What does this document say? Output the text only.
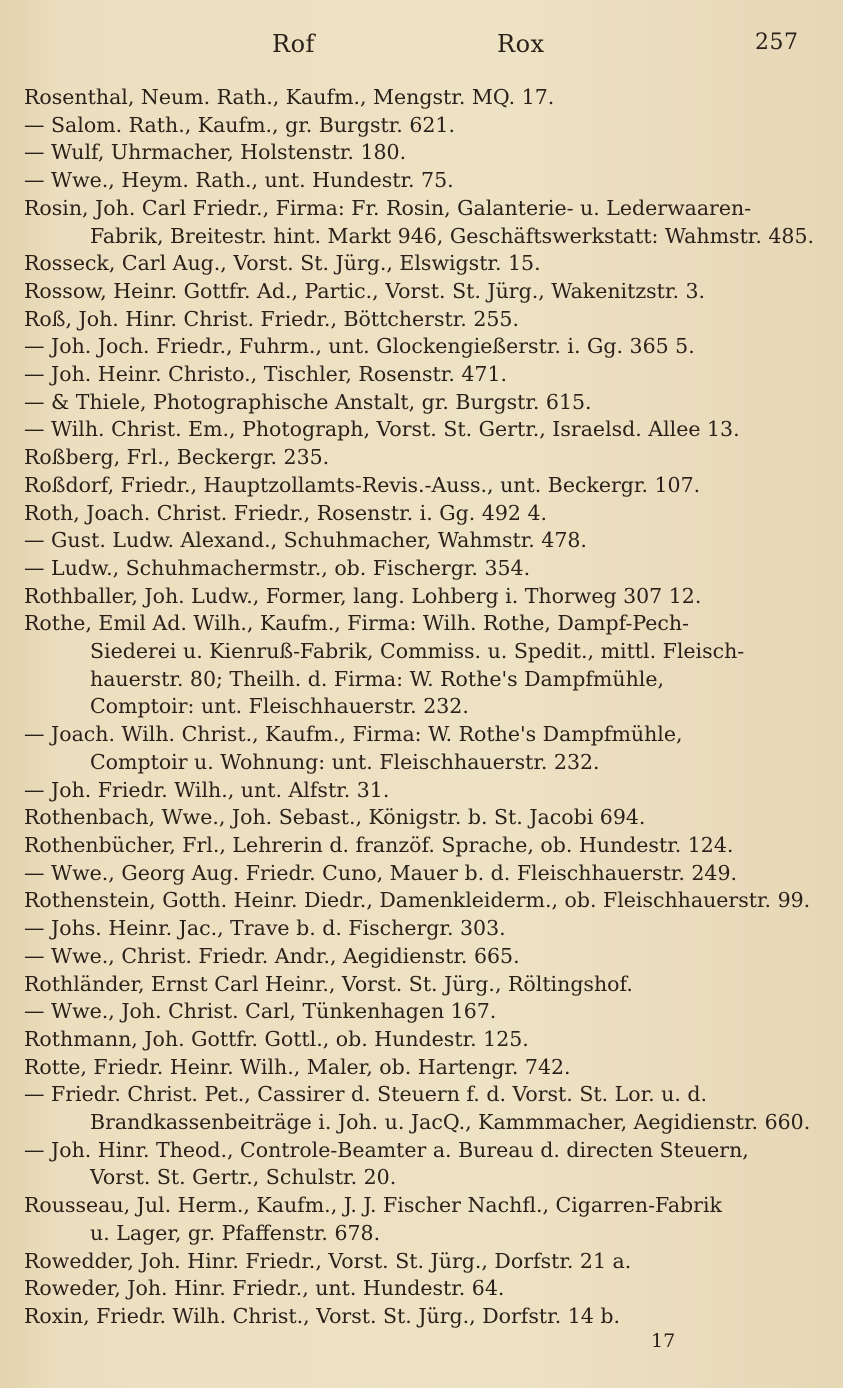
Rof	Rox	257
Rosenthal, Neum. Rath., Kaufm., Mengstr. MQ. 17.
— Salom. Rath., Kaufm., gr. Burgstr. 621.
— Wulf, Uhrmacher, Holstenstr. 180.
— Wwe., Heym. Rath., unt. Hundestr. 75.
Rosin, Joh. Carl Friedr., Firma: Fr. Rosin, Galanterie- u. Lederwaaren-
Fabrik, Breitestr. hint. Markt 946, Geschäftswerkstatt: Wahmstr. 485.
Rosseck, Carl Aug., Vorst. St. Jürg., Elswigstr. 15.
Rossow, Heinr. Gottfr. Ad., Partic., Vorst. St. Jürg., Wakenitzstr. 3.
Roß, Joh. Hinr. Christ. Friedr., Böttcherstr. 255.
— Joh. Joch. Friedr., Fuhrm., unt. Glockengießerstr. i. Gg. 365 5.
— Joh. Heinr. Christo., Tischler, Rosenstr. 471.
— & Thiele, Photographische Anstalt, gr. Burgstr. 615.
— Wilh. Christ. Em., Photograph, Vorst. St. Gertr., Israelsd. Allee 13.
Roßberg, Frl., Beckergr. 235.
Roßdorf, Friedr., Hauptzollamts-Revis.-Auss., unt. Beckergr. 107.
Roth, Joach. Christ. Friedr., Rosenstr. i. Gg. 492 4.
— Gust. Ludw. Alexand., Schuhmacher, Wahmstr. 478.
— Ludw., Schuhmachermstr., ob. Fischergr. 354.
Rothballer, Joh. Ludw., Former, lang. Lohberg i. Thorweg 307 12.
Rothe, Emil Ad. Wilh., Kaufm., Firma: Wilh. Rothe, Dampf-Pech-
Siederei u. Kienruß-Fabrik, Commiss. u. Spedit., mittl. Fleisch-
hauerstr. 80; Theilh. d. Firma: W. Rothe's Dampfmühle,
Comptoir: unt. Fleischhauerstr. 232.
— Joach. Wilh. Christ., Kaufm., Firma: W. Rothe's Dampfmühle,
Comptoir u. Wohnung: unt. Fleischhauerstr. 232.
— Joh. Friedr. Wilh., unt. Alfstr. 31.
Rothenbach, Wwe., Joh. Sebast., Königstr. b. St. Jacobi 694.
Rothenbücher, Frl., Lehrerin d. franzöf. Sprache, ob. Hundestr. 124.
— Wwe., Georg Aug. Friedr. Cuno, Mauer b. d. Fleischhauerstr. 249.
Rothenstein, Gotth. Heinr. Diedr., Damenkleiderm., ob. Fleischhauerstr. 99.
— Johs. Heinr. Jac., Trave b. d. Fischergr. 303.
— Wwe., Christ. Friedr. Andr., Aegidienstr. 665.
Rothländer, Ernst Carl Heinr., Vorst. St. Jürg., Röltingshof.
— Wwe., Joh. Christ. Carl, Tünkenhagen 167.
Rothmann, Joh. Gottfr. Gottl., ob. Hundestr. 125.
Rotte, Friedr. Heinr. Wilh., Maler, ob. Hartengr. 742.
— Friedr. Christ. Pet., Cassirer d. Steuern f. d. Vorst. St. Lor. u. d.
Brandkassenbeiträge i. Joh. u. JacQ., Kammmacher, Aegidienstr. 660.
— Joh. Hinr. Theod., Controle-Beamter a. Bureau d. directen Steuern,
Vorst. St. Gertr., Schulstr. 20.
Rousseau, Jul. Herm., Kaufm., J. J. Fischer Nachfl., Cigarren-Fabrik
u. Lager, gr. Pfaffenstr. 678.
Rowedder, Joh. Hinr. Friedr., Vorst. St. Jürg., Dorfstr. 21 a.
Roweder, Joh. Hinr. Friedr., unt. Hundestr. 64.
Roxin, Friedr. Wilh. Christ., Vorst. St. Jürg., Dorfstr. 14 b.
17
